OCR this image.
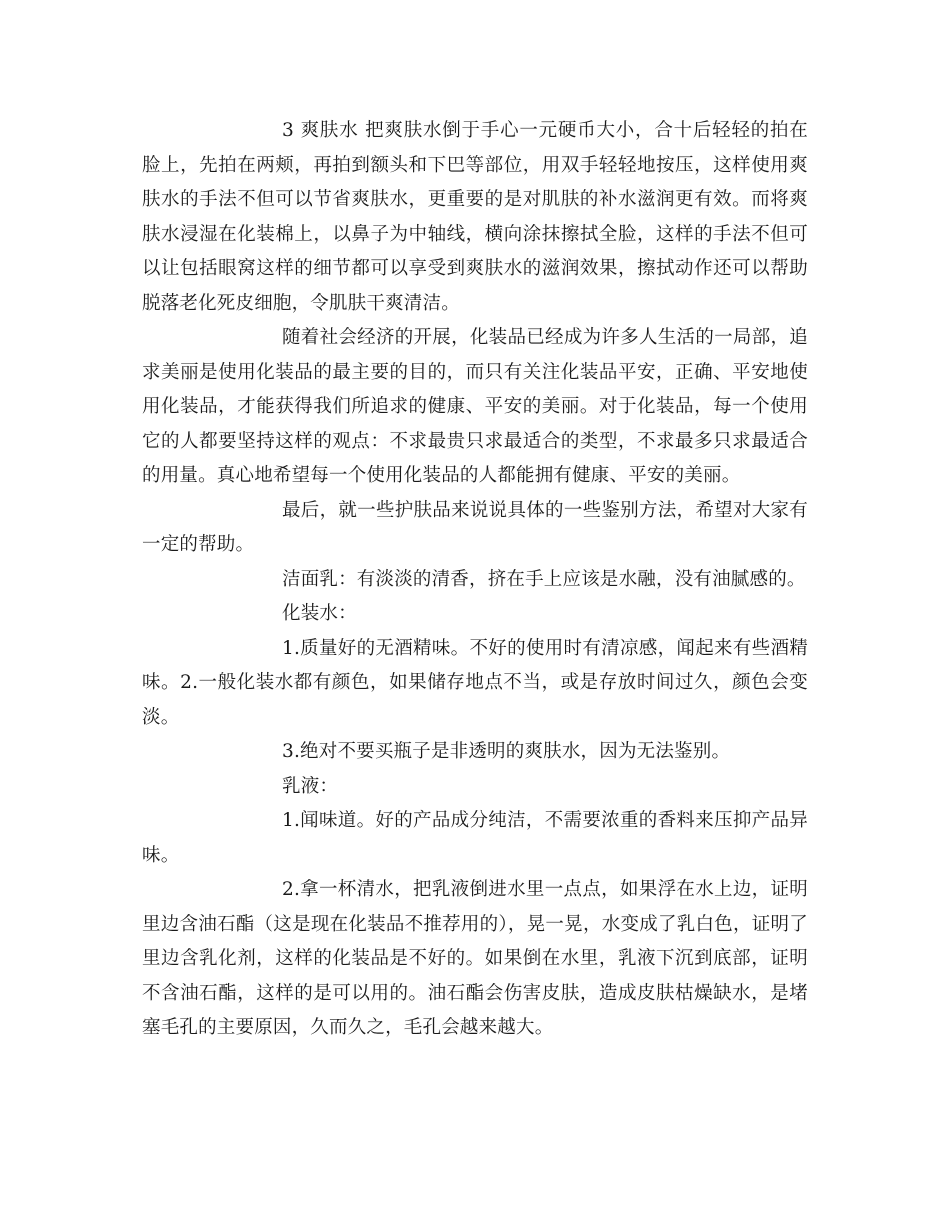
3 爽肤水 把爽肤水倒于手心一元硬币大小，合十后轻轻的拍在脸上，先拍在两颊，再拍到额头和下巴等部位，用双手轻轻地按压，这样使用爽肤水的手法不但可以节省爽肤水，更重要的是对肌肤的补水滋润更有效。而将爽肤水浸湿在化装棉上，以鼻子为中轴线，横向涂抹擦拭全脸，这样的手法不但可以让包括眼窝这样的细节都可以享受到爽肤水的滋润效果，擦拭动作还可以帮助脱落老化死皮细胞，令肌肤干爽清洁。

随着社会经济的开展，化装品已经成为许多人生活的一局部，追求美丽是使用化装品的最主要的目的，而只有关注化装品平安，正确、平安地使用化装品，才能获得我们所追求的健康、平安的美丽。对于化装品，每一个使用它的人都要坚持这样的观点：不求最贵只求最适合的类型，不求最多只求最适合的用量。真心地希望每一个使用化装品的人都能拥有健康、平安的美丽。

最后，就一些护肤品来说说具体的一些鉴别方法，希望对大家有一定的帮助。

洁面乳：有淡淡的清香，挤在手上应该是水融，没有油腻感的。

化装水：

1.质量好的无酒精味。不好的使用时有清凉感，闻起来有些酒精味。2.一般化装水都有颜色，如果储存地点不当，或是存放时间过久，颜色会变淡。

3.绝对不要买瓶子是非透明的爽肤水，因为无法鉴别。

乳液：

1.闻味道。好的产品成分纯洁，不需要浓重的香料来压抑产品异味。

2.拿一杯清水，把乳液倒进水里一点点，如果浮在水上边，证明里边含油石酯（这是现在化装品不推荐用的），晃一晃，水变成了乳白色，证明了里边含乳化剂，这样的化装品是不好的。如果倒在水里，乳液下沉到底部，证明不含油石酯，这样的是可以用的。油石酯会伤害皮肤，造成皮肤枯燥缺水，是堵塞毛孔的主要原因，久而久之，毛孔会越来越大。
